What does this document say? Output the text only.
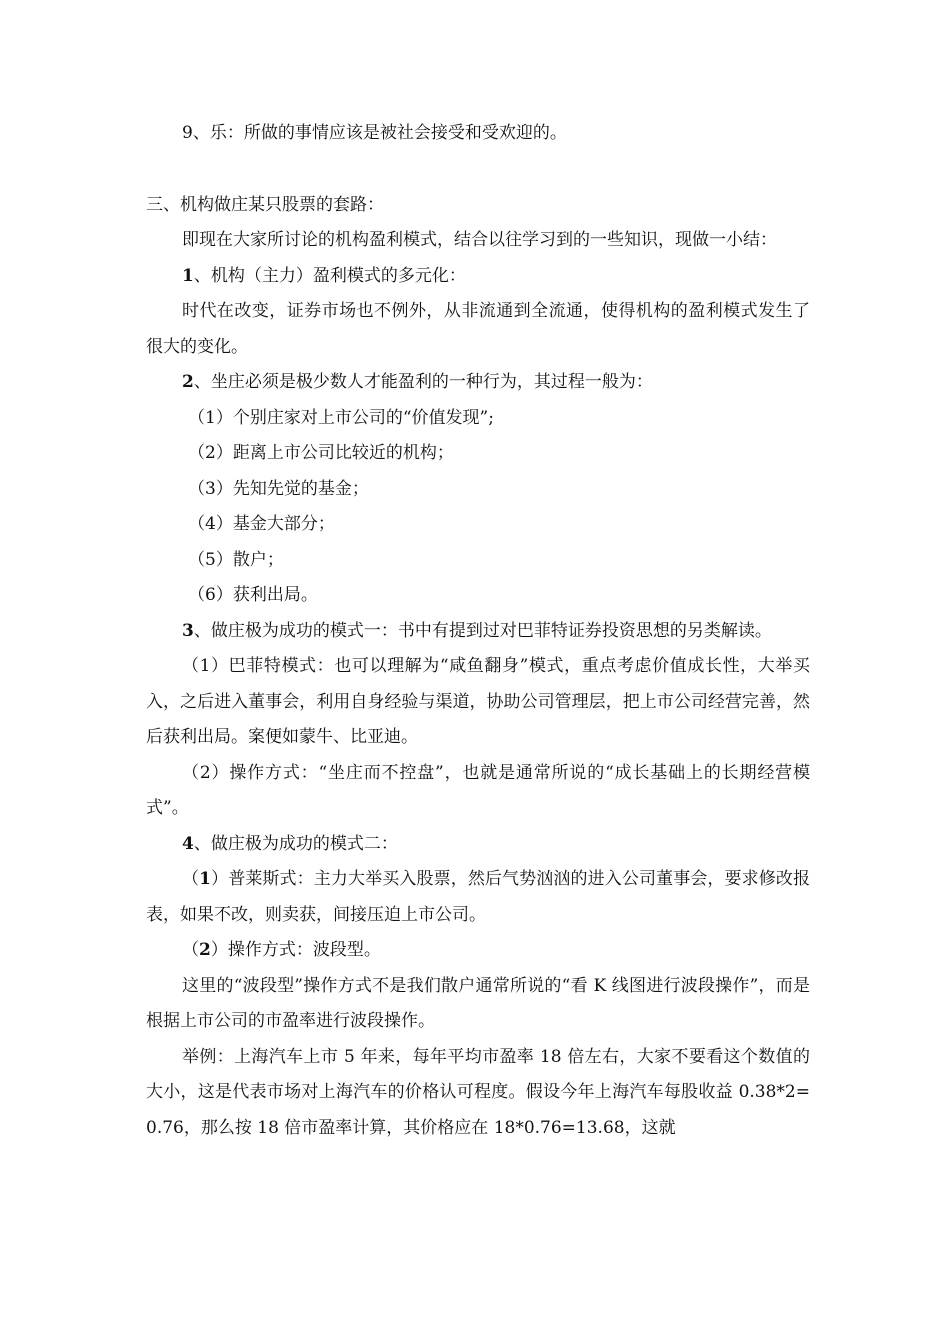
9、乐：所做的事情应该是被社会接受和受欢迎的。

三、机构做庄某只股票的套路：

即现在大家所讨论的机构盈利模式，结合以往学习到的一些知识，现做一小结：

1、机构（主力）盈利模式的多元化：

时代在改变，证券市场也不例外，从非流通到全流通，使得机构的盈利模式发生了很大的变化。

2、坐庄必须是极少数人才能盈利的一种行为，其过程一般为：

（1）个别庄家对上市公司的“价值发现”;

（2）距离上市公司比较近的机构；

（3）先知先觉的基金；

（4）基金大部分；

（5）散户；

（6）获利出局。

3、做庄极为成功的模式一：书中有提到过对巴菲特证券投资思想的另类解读。

（1）巴菲特模式：也可以理解为“咸鱼翻身”模式，重点考虑价值成长性，大举买入，之后进入董事会，利用自身经验与渠道，协助公司管理层，把上市公司经营完善，然后获利出局。案便如蒙牛、比亚迪。

（2）操作方式：“坐庄而不控盘”，也就是通常所说的“成长基础上的长期经营模式”。

4、做庄极为成功的模式二：

（1）普莱斯式：主力大举买入股票，然后气势汹汹的进入公司董事会，要求修改报表，如果不改，则卖获，间接压迫上市公司。

（2）操作方式：波段型。

这里的“波段型”操作方式不是我们散户通常所说的“看 K 线图进行波段操作”，而是根据上市公司的市盈率进行波段操作。

举例：上海汽车上市 5 年来，每年平均市盈率 18 倍左右，大家不要看这个数值的大小，这是代表市场对上海汽车的价格认可程度。假设今年上海汽车每股收益 0.38*2=0.76，那么按 18 倍市盈率计算，其价格应在 18*0.76=13.68，这就
